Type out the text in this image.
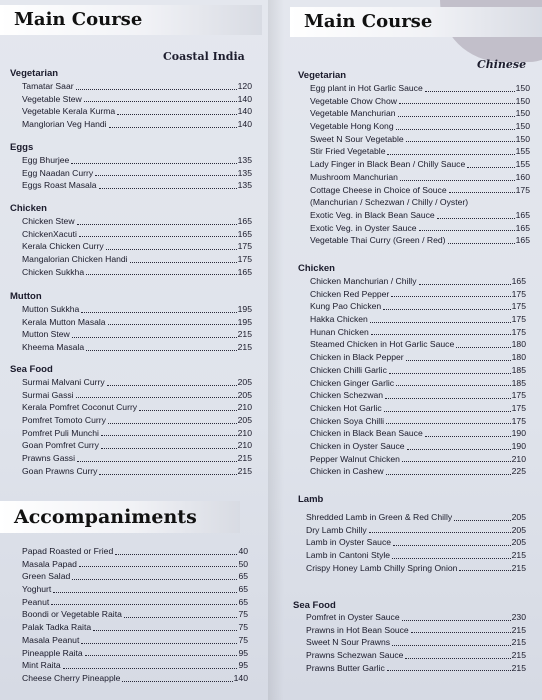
Main Course
Coastal India
Vegetarian
Tamatar Saar	120
Vegetable Stew	140
Vegetable Kerala Kurma	140
Manglorian Veg Handi	140
Eggs
Egg Bhurjee	135
Egg Naadan Curry	135
Eggs Roast Masala	135
Chicken
Chicken Stew	165
ChickenXacuti	165
Kerala Chicken Curry	175
Mangalorian Chicken Handi	175
Chicken Sukkha	165
Mutton
Mutton Sukkha	195
Kerala Mutton Masala	195
Mutton Stew	215
Kheema Masala	215
Sea Food
Surmai Malvani Curry	205
Surmai Gassi	205
Kerala Pomfret Coconut Curry	210
Pomfret Tomoto Curry	205
Pomfret Puli Munchi	210
Goan Pomfret Curry	210
Prawns Gassi	215
Goan Prawns Curry	215
Accompaniments
Papad Roasted or Fried	40
Masala Papad	50
Green Salad	65
Yoghurt	65
Peanut	65
Boondi or Vegetable Raita	75
Palak Tadka Raita	75
Masala Peanut	75
Pineapple Raita	95
Mint Raita	95
Cheese Cherry Pineapple	140
Main Course
Chinese
Vegetarian
Egg plant in Hot Garlic Sauce	150
Vegetable Chow Chow	150
Vegetable Manchurian	150
Vegetable Hong Kong	150
Sweet N Sour Vegetable	150
Stir Fried Vegetable	155
Lady Finger in Black Bean / Chilly Sauce	155
Mushroom Manchurian	160
Cottage Cheese in Choice of Souce	175
(Manchurian / Schezwan / Chilly / Oyster)
Exotic Veg. in Black Bean Sauce	165
Exotic Veg. in Oyster Sauce	165
Vegetable Thai Curry (Green / Red)	165
Chicken
Chicken Manchurian / Chilly	165
Chicken Red Pepper	175
Kung Pao Chicken	175
Hakka Chicken	175
Hunan Chicken	175
Steamed Chicken in Hot Garlic Sauce	180
Chicken in Black Pepper	180
Chicken Chilli Garlic	185
Chicken Ginger Garlic	185
Chicken Schezwan	175
Chicken Hot Garlic	175
Chicken Soya Chilli	175
Chicken in Black Bean Sauce	190
Chicken in Oyster Sauce	190
Pepper Walnut Chicken	210
Chicken in Cashew	225
Lamb
Shredded Lamb in Green & Red Chilly	205
Dry Lamb Chilly	205
Lamb in Oyster Sauce	205
Lamb in Cantoni Style	215
Crispy Honey Lamb Chilly Spring Onion	215
Sea Food
Pomfret in Oyster Sauce	230
Prawns in Hot Bean Souce	215
Sweet N Sour Prawns	215
Prawns Schezwan Sauce	215
Prawns Butter Garlic	215
